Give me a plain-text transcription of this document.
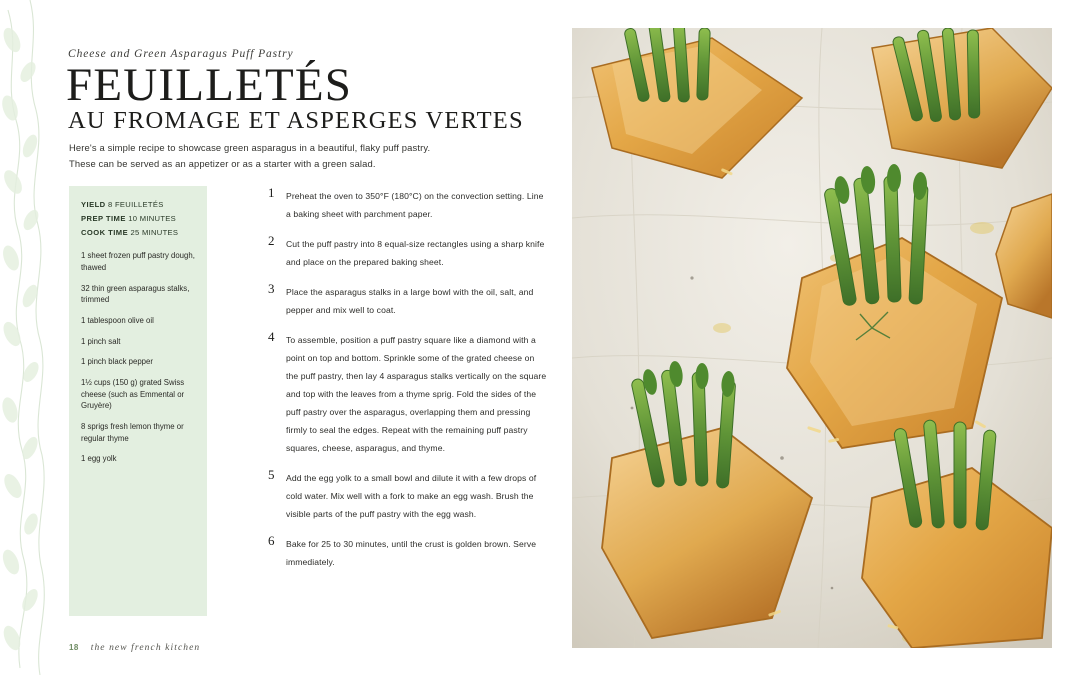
Cheese and Green Asparagus Puff Pastry
FEUILLETÉS
AU FROMAGE ET ASPERGES VERTES
Here's a simple recipe to showcase green asparagus in a beautiful, flaky puff pastry. These can be served as an appetizer or as a starter with a green salad.
YIELD 8 FEUILLETÉS
PREP TIME 10 MINUTES
COOK TIME 25 MINUTES
1 sheet frozen puff pastry dough, thawed
32 thin green asparagus stalks, trimmed
1 tablespoon olive oil
1 pinch salt
1 pinch black pepper
1½ cups (150 g) grated Swiss cheese (such as Emmental or Gruyère)
8 sprigs fresh lemon thyme or regular thyme
1 egg yolk
1 Preheat the oven to 350°F (180°C) on the convection setting. Line a baking sheet with parchment paper.
2 Cut the puff pastry into 8 equal-size rectangles using a sharp knife and place on the prepared baking sheet.
3 Place the asparagus stalks in a large bowl with the oil, salt, and pepper and mix well to coat.
4 To assemble, position a puff pastry square like a diamond with a point on top and bottom. Sprinkle some of the grated cheese on the puff pastry, then lay 4 asparagus stalks vertically on the square and top with the leaves from a thyme sprig. Fold the sides of the puff pastry over the asparagus, overlapping them and pressing firmly to seal the edges. Repeat with the remaining puff pastry squares, cheese, asparagus, and thyme.
5 Add the egg yolk to a small bowl and dilute it with a few drops of cold water. Mix well with a fork to make an egg wash. Brush the visible parts of the puff pastry with the egg wash.
6 Bake for 25 to 30 minutes, until the crust is golden brown. Serve immediately.
18 the new french kitchen
